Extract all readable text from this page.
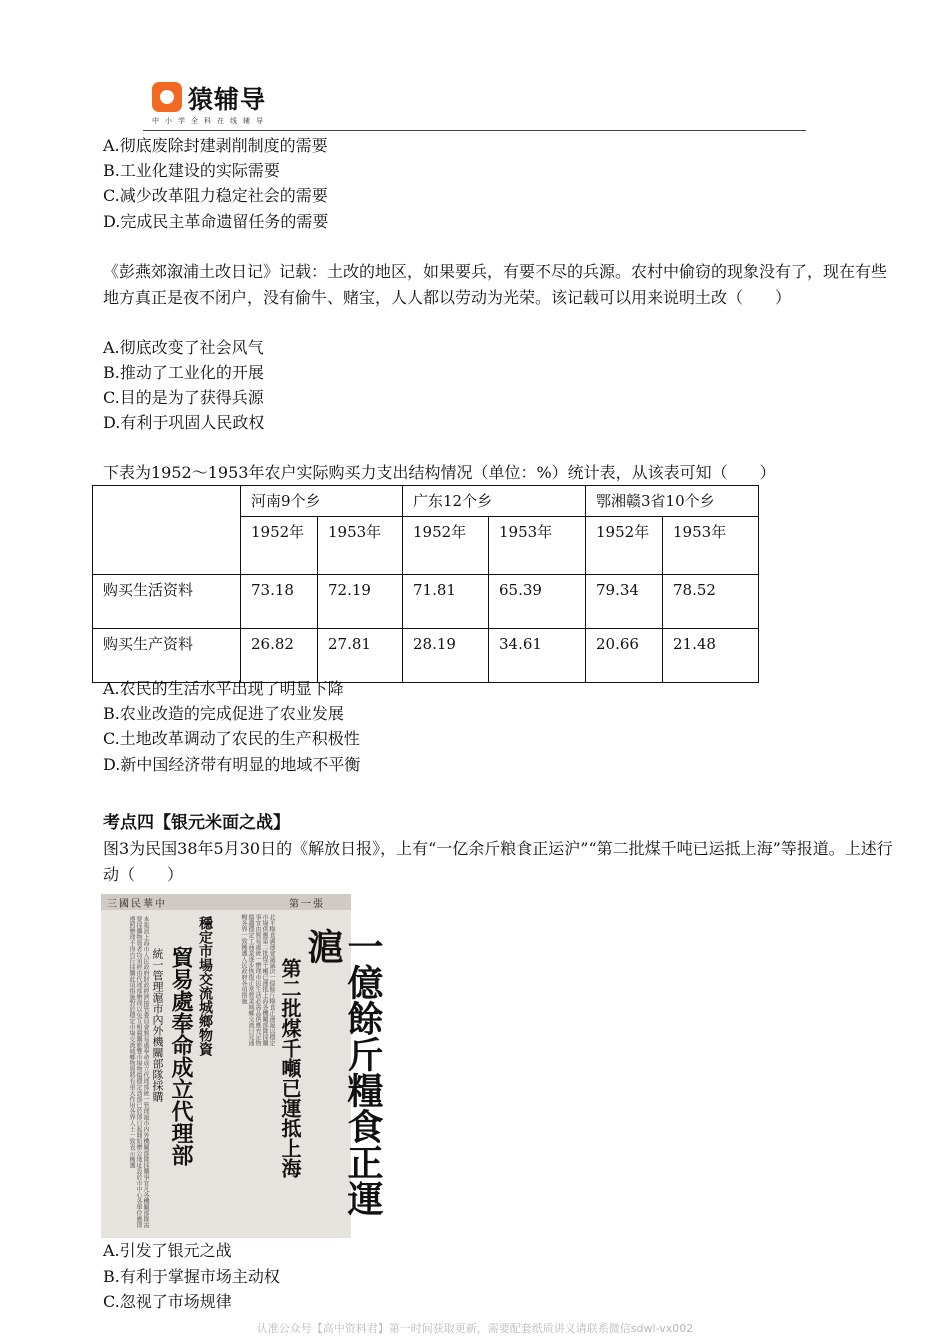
猿辅导
中小学全科在线辅导
A.彻底废除封建剥削制度的需要
B.工业化建设的实际需要
C.减少改革阻力稳定社会的需要
D.完成民主革命遗留任务的需要
《彭燕郊溆浦土改日记》记载：土改的地区，如果要兵，有要不尽的兵源。农村中偷窃的现象没有了，现在有些地方真正是夜不闭户，没有偷牛、赌宝，人人都以劳动为光荣。该记载可以用来说明土改（　　）
A.彻底改变了社会风气
B.推动了工业化的开展
C.目的是为了获得兵源
D.有利于巩固人民政权
下表为1952～1953年农户实际购买力支出结构情况（单位：%）统计表，从该表可知（　　）
	河南9个乡		广东12个乡		鄂湘赣3省10个乡	
	1952年	1953年	1952年	1953年	1952年	1953年
购买生活资料	73.18	72.19	71.81	65.39	79.34	78.52
购买生产资料	26.82	27.81	28.19	34.61	20.66	21.48
A.农民的生活水平出现了明显下降
B.农业改造的完成促进了农业发展
C.土地改革调动了农民的生产积极性
D.新中国经济带有明显的地域不平衡
考点四【银元米面之战】
图3为民国38年5月30日的《解放日报》，上有“一亿余斤粮食正运沪”“第二批煤千吨已运抵上海”等报道。上述行动（　　）
三國民華中	第一張
一億餘斤糧食正運滬
第二批煤千噸已運抵上海
北平糧食調運會議議決一億餘斤糧食正運滬以穩定市場供應第二批煤千噸已運抵上海各機關部隊採購事宜由貿易處統一辦理市民生活必需品供應充足物價趨穩定工商業逐步恢復正常營業城鄉交流日見通暢各界一致擁護人民政府各項措施
穩定市場交流城鄉物資
貿易處奉命成立代理部
統一管理滬市內外機關部隊採購
本報訊上海市人民政府財政經濟接管委員會貿易處奉命成立代理部統一管理滬市內外機關部隊採購事宜凡各機關部隊需要採購物資者均須經由代理部辦理以免互相競購影響市場物價穩定該部已於即日起開始辦公地址設於市中心各單位應即遵照辦理不得自行採購此項措施對於穩定市場交流城鄉物資將有重大作用各界人士一致表示擁護
A.引发了银元之战
B.有利于掌握市场主动权
C.忽视了市场规律
认准公众号【高中资料君】第一时间获取更新，需要配套纸质讲义请联系微信sdwl-vx002
